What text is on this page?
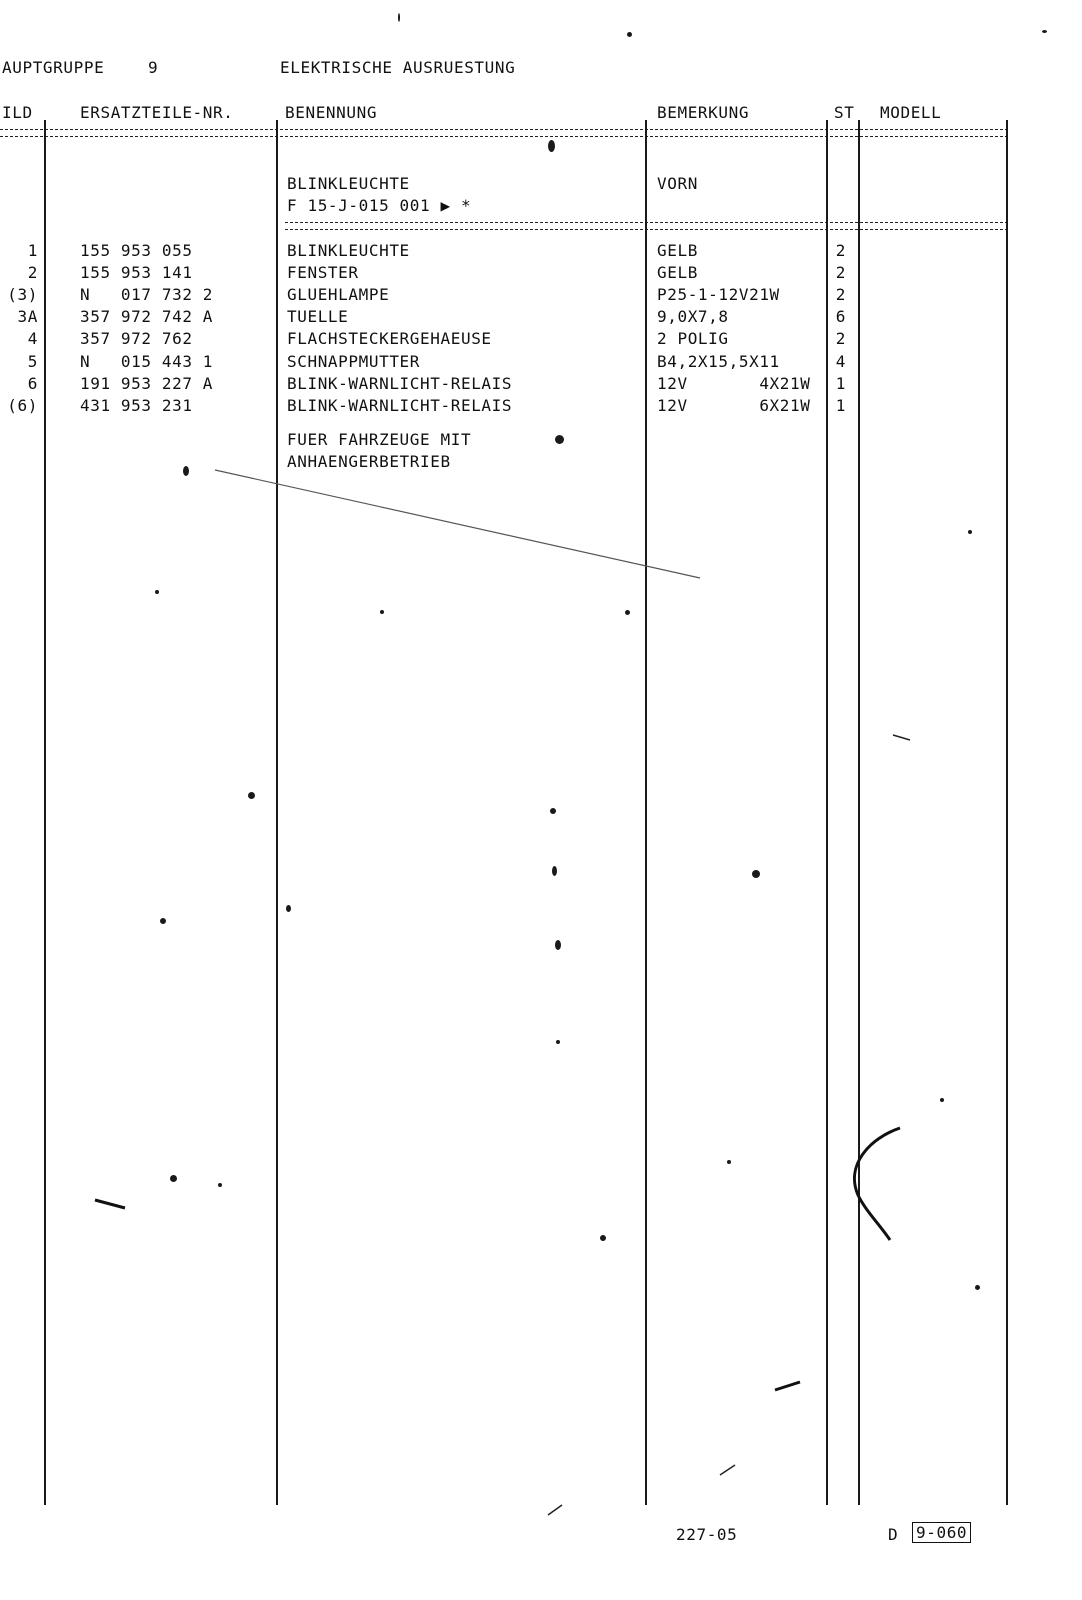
AUPTGRUPPE	9	ELEKTRISCHE AUSRUESTUNG
ILD	ERSATZTEILE-NR.	BENENNUNG	BEMERKUNG	ST MODELL
BLINKLEUCHTE	VORN
F 15-J-015 001 ▶ *
1	155 953 055	BLINKLEUCHTE	GELB	2
2	155 953 141	FENSTER	GELB	2
(3)	N   017 732 2	GLUEHLAMPE	P25-1-12V21W	2
3A	357 972 742 A	TUELLE	9,0X7,8	6
4	357 972 762	FLACHSTECKERGEHAEUSE	2 POLIG	2
5	N   015 443 1	SCHNAPPMUTTER	B4,2X15,5X11	4
6	191 953 227 A	BLINK-WARNLICHT-RELAIS	12V       4X21W 1
(6)	431 953 231	BLINK-WARNLICHT-RELAIS	12V       6X21W 1
FUER FAHRZEUGE MIT
ANHAENGERBETRIEB
227-05	D 9-060
